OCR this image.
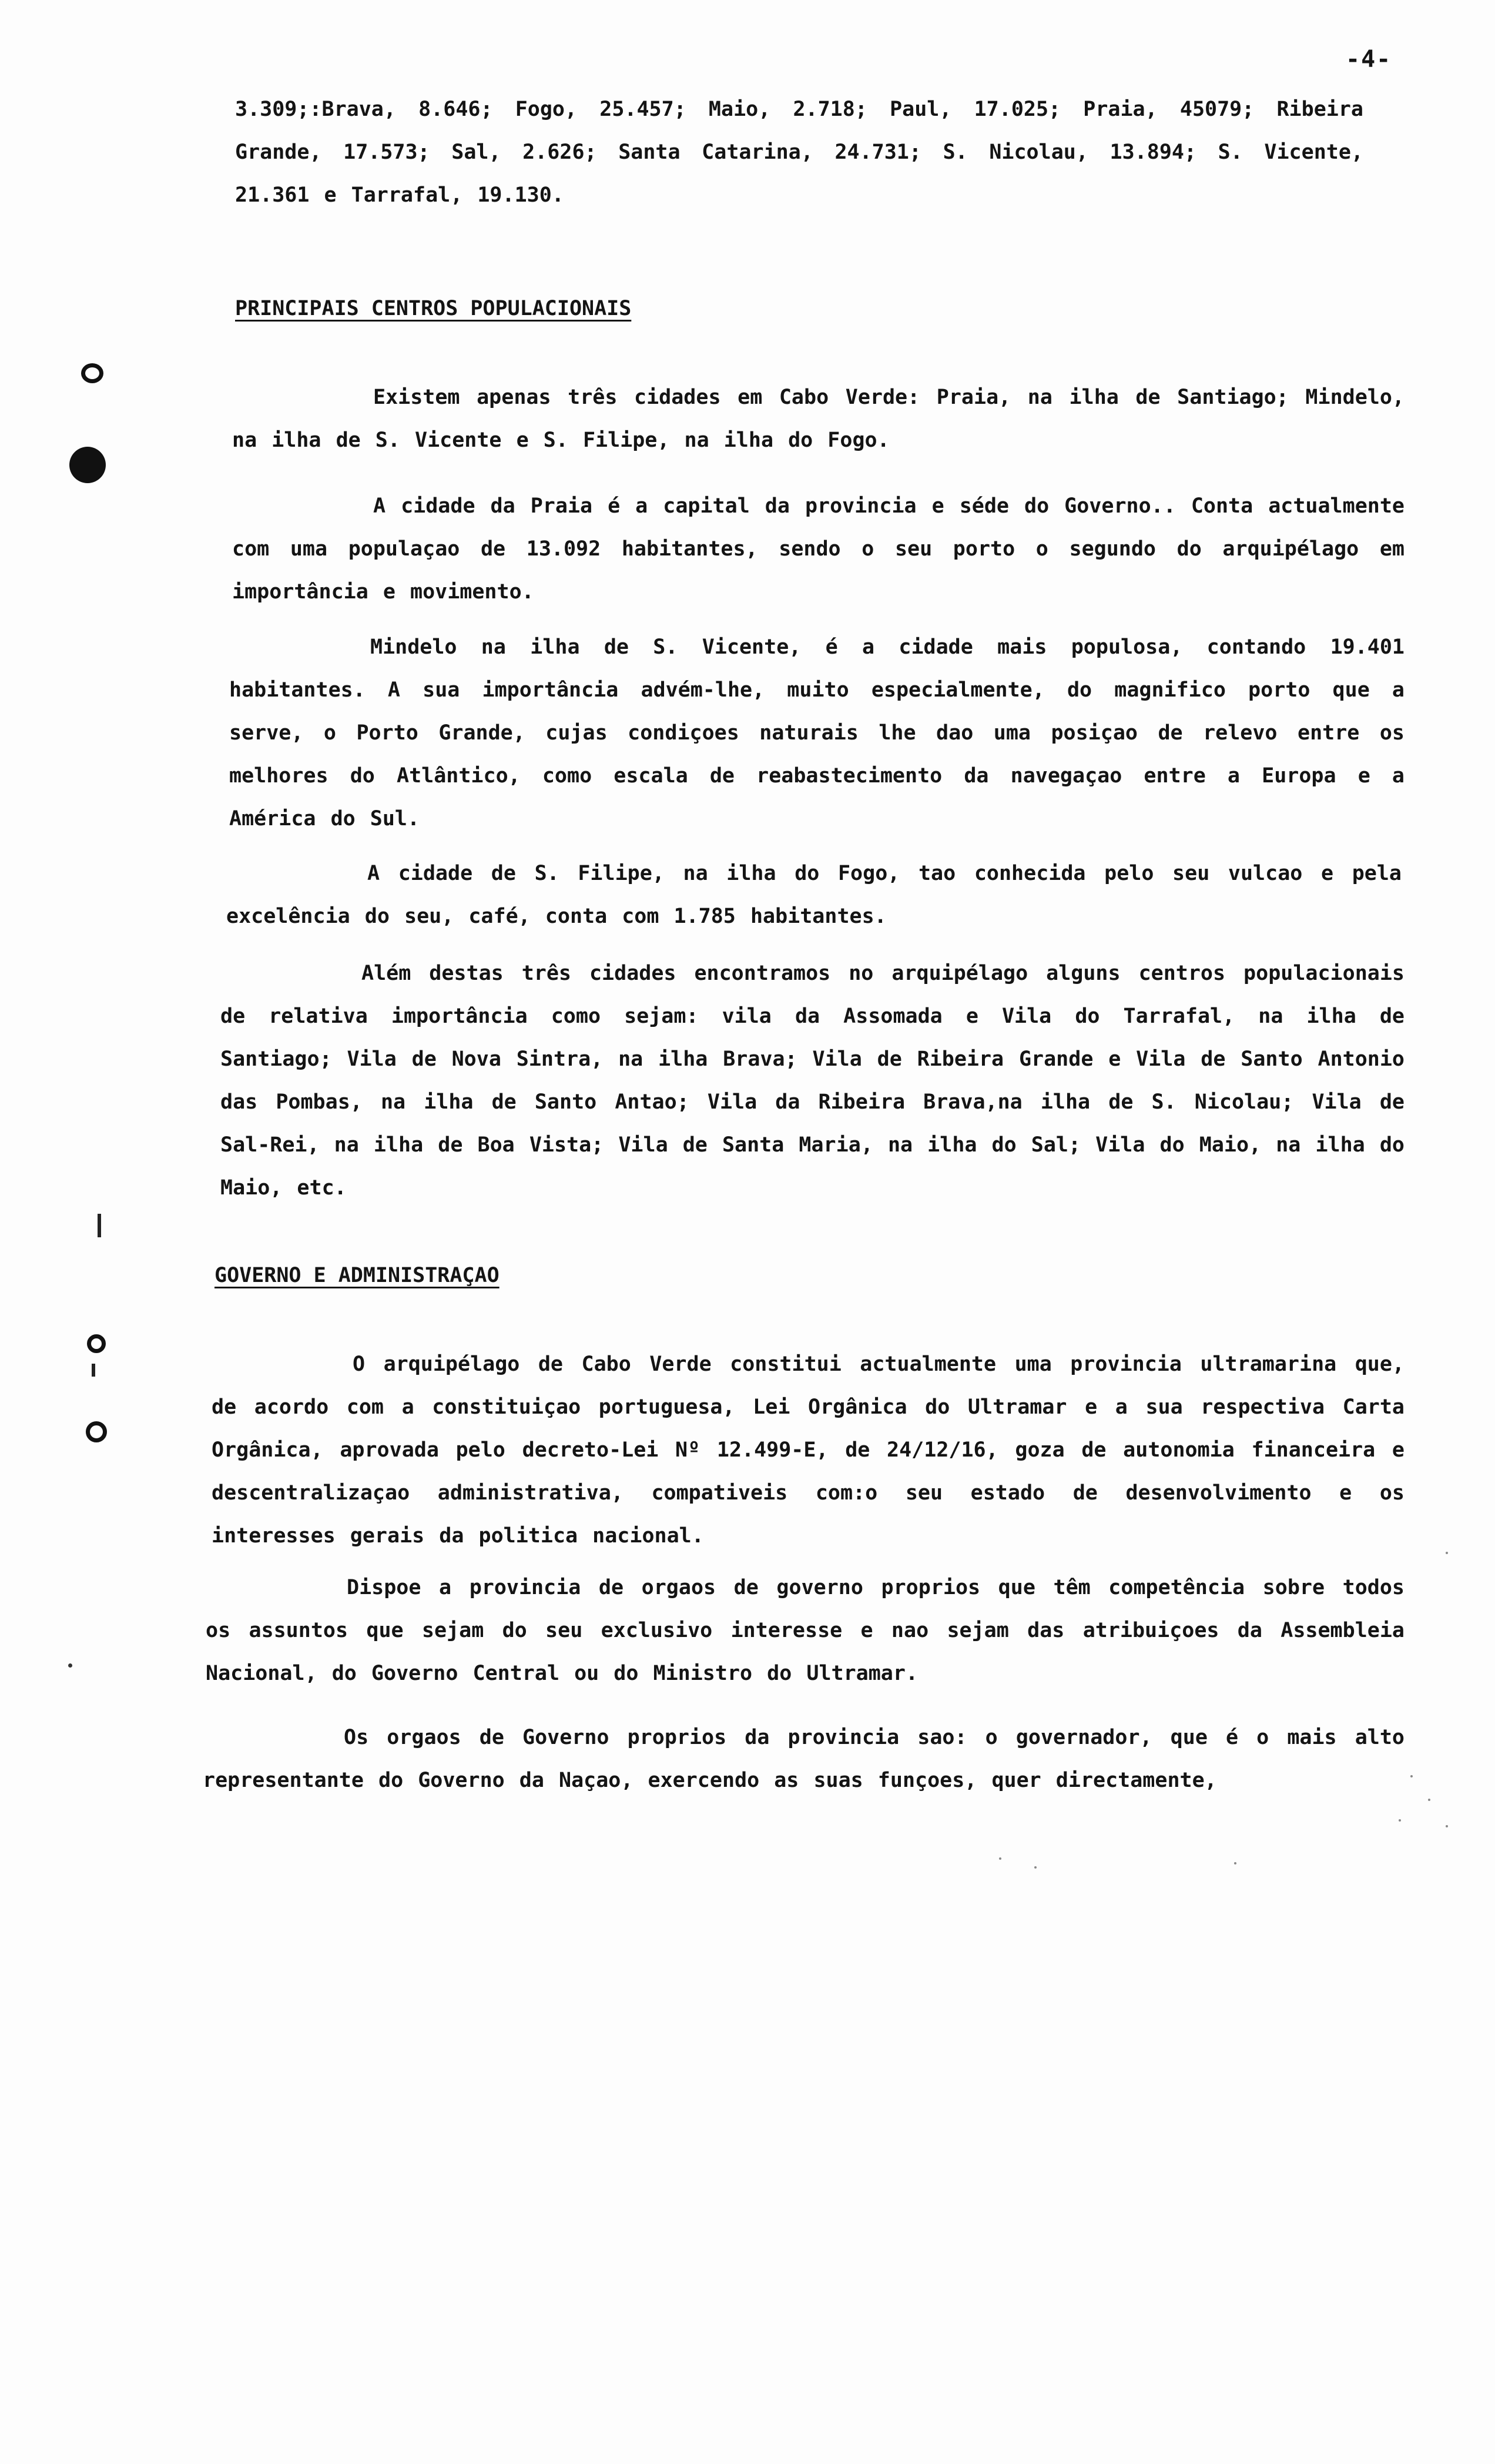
-4-

3.309;:Brava, 8.646; Fogo, 25.457; Maio, 2.718; Paul, 17.025; Praia, 45079; Ribeira Grande, 17.573; Sal, 2.626; Santa Catarina, 24.731; S. Nicolau, 13.894; S. Vicente, 21.361 e Tarrafal, 19.130.

PRINCIPAIS CENTROS POPULACIONAIS

Existem apenas três cidades em Cabo Verde: Praia, na ilha de Santiago; Mindelo, na ilha de S. Vicente e S. Filipe, na ilha do Fogo.

A cidade da Praia é a capital da provincia e séde do Governo.. Conta actualmente com uma populaçao de 13.092 habitantes, sendo o seu porto o segundo do arquipélago em importância e movimento.

Mindelo na ilha de S. Vicente, é a cidade mais populosa, contando 19.401 habitantes. A sua importância advém-lhe, muito especialmente, do magnifico porto que a serve, o Porto Grande, cujas condiçoes naturais lhe dao uma posiçao de relevo entre os melhores do Atlântico, como escala de reabastecimento da navegaçao entre a Europa e a América do Sul.

A cidade de S. Filipe, na ilha do Fogo, tao conhecida pelo seu vulcao e pela excelência do seu, café, conta com 1.785 habitantes.

Além destas três cidades encontramos no arquipélago alguns centros populacionais de relativa importância como sejam: vila da Assomada e Vila do Tarrafal, na ilha de Santiago; Vila de Nova Sintra, na ilha Brava; Vila de Ribeira Grande e Vila de Santo Antonio das Pombas, na ilha de Santo Antao; Vila da Ribeira Brava,na ilha de S. Nicolau; Vila de Sal-Rei, na ilha de Boa Vista; Vila de Santa Maria, na ilha do Sal; Vila do Maio, na ilha do Maio, etc.

GOVERNO E ADMINISTRAÇAO

O arquipélago de Cabo Verde constitui actualmente uma provincia ultramarina que, de acordo com a constituiçao portuguesa, Lei Orgânica do Ultramar e a sua respectiva Carta Orgânica, aprovada pelo decreto-Lei Nº 12.499-E, de 24/12/16, goza de autonomia financeira e descentralizaçao administrativa, compativeis com:o seu estado de desenvolvimento e os interesses gerais da politica nacional.

Dispoe a provincia de orgaos de governo proprios que têm competência sobre todos os assuntos que sejam do seu exclusivo interesse e nao sejam das atribuiçoes da Assembleia Nacional, do Governo Central ou do Ministro do Ultramar.

Os orgaos de Governo proprios da provincia sao: o governador, que é o mais alto representante do Governo da Naçao, exercendo as suas funçoes, quer directamente,
